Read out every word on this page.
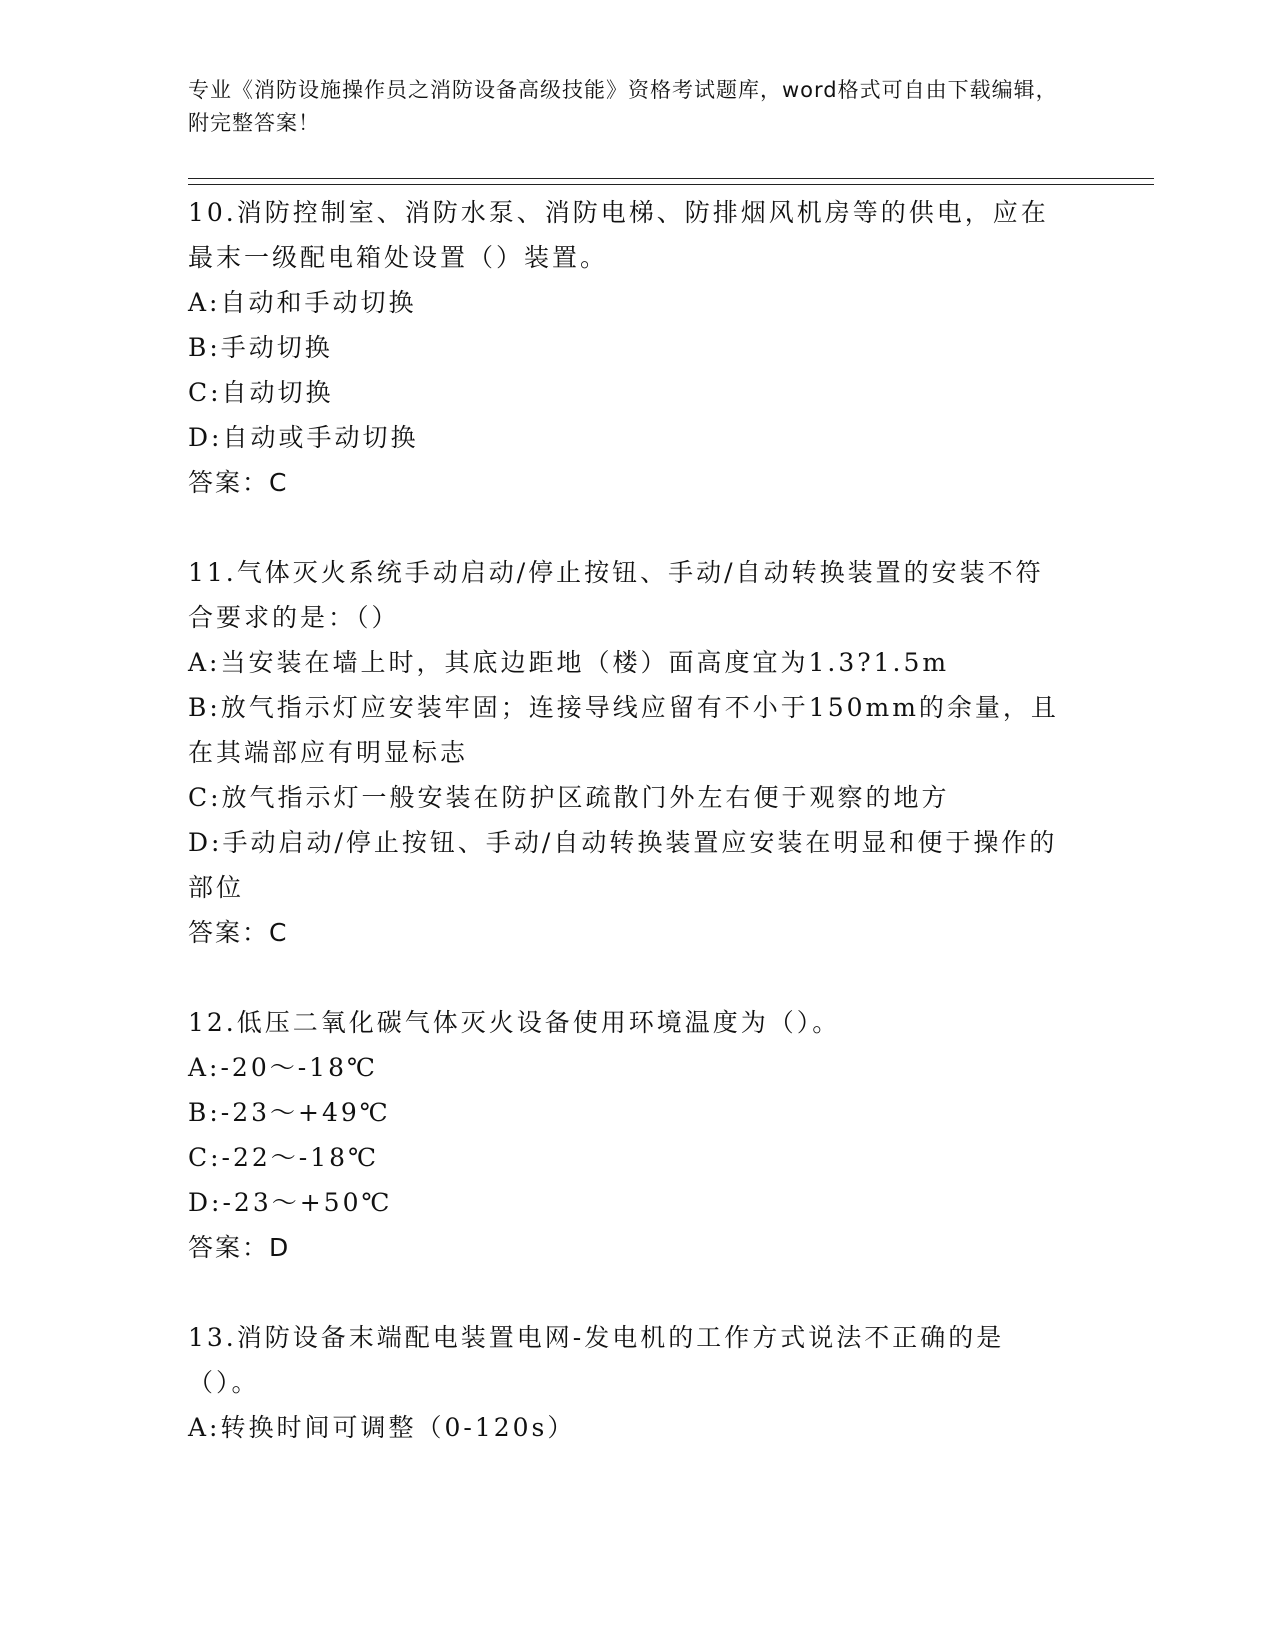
专业《消防设施操作员之消防设备高级技能》资格考试题库，word格式可自由下载编辑，附完整答案！

10.消防控制室、消防水泵、消防电梯、防排烟风机房等的供电，应在最末一级配电箱处设置（）装置。

A:自动和手动切换

B:手动切换

C:自动切换

D:自动或手动切换

答案：C

11.气体灭火系统手动启动/停止按钮、手动/自动转换装置的安装不符合要求的是：（）

A:当安装在墙上时，其底边距地（楼）面高度宜为1.3?1.5m

B:放气指示灯应安装牢固；连接导线应留有不小于150mm的余量，且在其端部应有明显标志

C:放气指示灯一般安装在防护区疏散门外左右便于观察的地方

D:手动启动/停止按钮、手动/自动转换装置应安装在明显和便于操作的部位

答案：C

12.低压二氧化碳气体灭火设备使用环境温度为（）。

A:-20～-18℃

B:-23～+49℃

C:-22～-18℃

D:-23～+50℃

答案：D

13.消防设备末端配电装置电网-发电机的工作方式说法不正确的是（）。

A:转换时间可调整（0-120s）
